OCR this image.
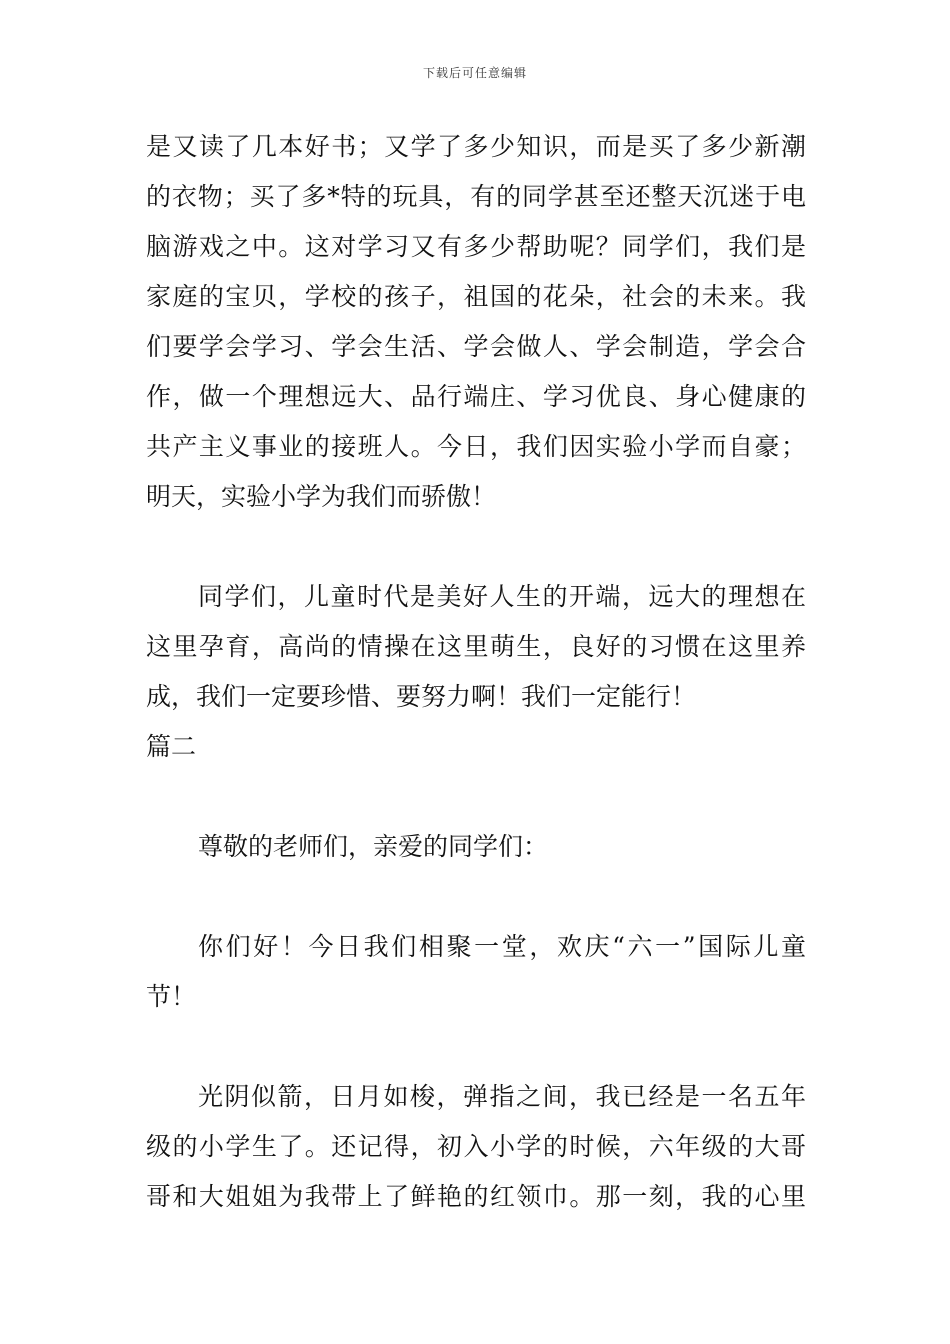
下载后可任意编辑
是又读了几本好书；又学了多少知识，而是买了多少新潮
的衣物；买了多*特的玩具，有的同学甚至还整天沉迷于电
脑游戏之中。这对学习又有多少帮助呢？同学们，我们是
家庭的宝贝，学校的孩子，祖国的花朵，社会的未来。我
们要学会学习、学会生活、学会做人、学会制造，学会合
作，做一个理想远大、品行端庄、学习优良、身心健康的
共产主义事业的接班人。今日，我们因实验小学而自豪；
明天，实验小学为我们而骄傲！
同学们，儿童时代是美好人生的开端，远大的理想在
这里孕育，高尚的情操在这里萌生，良好的习惯在这里养
成，我们一定要珍惜、要努力啊！我们一定能行！
篇二
尊敬的老师们，亲爱的同学们：
你们好！今日我们相聚一堂，欢庆“六一”国际儿童
节！
光阴似箭，日月如梭，弹指之间，我已经是一名五年
级的小学生了。还记得，初入小学的时候，六年级的大哥
哥和大姐姐为我带上了鲜艳的红领巾。那一刻，我的心里
